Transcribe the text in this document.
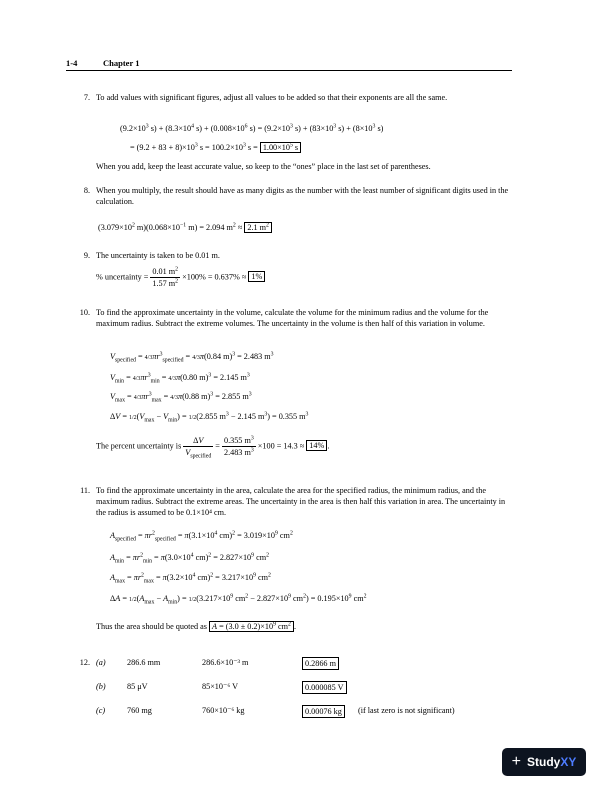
1-4	Chapter 1
7. To add values with significant figures, adjust all values to be added so that their exponents are all the same.
($9.2\times 10^3$ $s) + (8.3\times 10^4$ $s) + (0.008\times 10^6$ $s) = (9.2\times 10^3$ $s) + (83\times 10^3$ $s) + (8\times 10^3$ s)
= $(9.2 + 83 + 8)\times 10^3$ $s = 100.2\times 10^3$ $s = 1.00\times 10^5$ s
When you add, keep the least accurate value, so keep to the “ones” place in the last set of parentheses.
8. When you multiply, the result should have as many digits as the number with the least number of significant digits used in the calculation.
($3.079\times 10^2$ $m)(0.068\times 10^{-1}$ m) = 2.094 $m^2 \approx 2.1$ $m^2$
9. The uncertainty is taken to be 0.01 m.
% uncertainty = $\frac{0.01 m^2}{1.57 m^2} \times 100\% = 0.637\% \approx 1\%$
10. To find the approximate uncertainty in the volume, calculate the volume for the minimum radius and the volume for the maximum radius. Subtract the extreme volumes. The uncertainty in the volume is then half of this variation in volume.
$V_{specified} = 4/3\pi r^3_{specified} = 4/3\pi(0.84$ m)$^3$ = 2.483 $m^3$
$V_{min} = 4/3\pi r^3_{min} = 4/3\pi(0.80$ m)$^3$ = 2.145 $m^3$
$V_{max} = 4/3\pi r^3_{max} = 4/3\pi(0.88$ m)$^3$ = 2.855 $m^3$
$\Delta V = 1/2(V_{max} - V_{min}) = 1/2(2.855$ $m^3 - 2.145$ $m^3) = 0.355$ $m^3$
The percent uncertainty is $\frac{\Delta V}{V_{specified}} = \frac{0.355 m^3}{2.483 m^3} \times 100 = 14.3 \approx 14\%$ .
11. To find the approximate uncertainty in the area, calculate the area for the specified radius, the minimum radius, and the maximum radius. Subtract the extreme areas. The uncertainty in the area is then half this variation in area. The uncertainty in the radius is assumed to be 0.1×10⁴ cm.
$A_{specified} = \pi r^2_{specified} = \pi(3.1\times 10^4$ $cm)^2 = 3.019\times 10^9$ $cm^2$
$A_{min} = \pi r^2_{min} = \pi(3.0\times 10^4$ $cm)^2 = 2.827\times 10^9$ $cm^2$
$A_{max} = \pi r^2_{max} = \pi(3.2\times 10^4$ $cm)^2 = 3.217\times 10^9$ $cm^2$
$\Delta A = 1/2(A_{max} - A_{min}) = 1/2(3.217\times 10^9$ $cm^2 - 2.827\times 10^9$ $cm^2) = 0.195\times 10^9$ $cm^2$
Thus the area should be quoted as $A = (3.0 \pm 0.2)\times 10^9$ $cm^2$ .
12. (a)	286.6 mm	286.6×10⁻³ m	0.2866 m
(b)	85 μV	85×10⁻⁶ V	0.000085 V
(c)	760 mg	760×10⁻⁶ kg	0.00076 kg	(if last zero is not significant)
+ StudyXY
